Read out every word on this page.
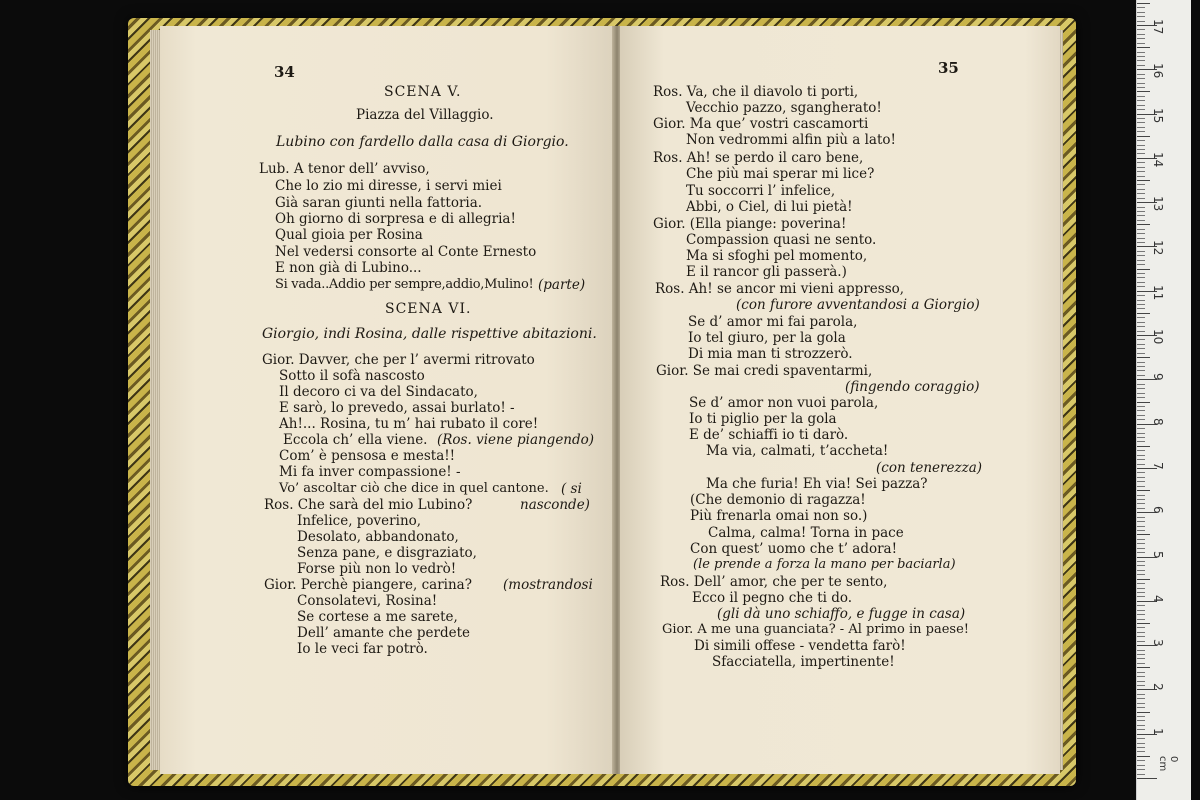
34
SCENA V.
Piazza del Villaggio.
Lubino con fardello dalla casa di Giorgio.
Lub. A tenor dell’ avviso,
Che lo zio mi diresse, i servi miei
Già saran giunti nella fattoria.
Oh giorno di sorpresa e di allegria!
Qual gioia per Rosina
Nel vedersi consorte al Conte Ernesto
E non già di Lubino...
Si vada..Addio per sempre,addio,Mulino! (parte)
SCENA VI.
Giorgio, indi Rosina, dalle rispettive abitazioni.
Gior. Davver, che per l’ avermi ritrovato
Sotto il sofà nascosto
Il decoro ci va del Sindacato,
E sarò, lo prevedo, assai burlato! -
Ah!... Rosina, tu m’ hai rubato il core!
Eccola ch’ ella viene. (Ros. viene piangendo)
Com’ è pensosa e mesta!!
Mi fa inver compassione! -
Vo’ ascoltar ciò che dice in quel cantone. ( si
Ros. Che sarà del mio Lubino?	nasconde)
Infelice, poverino,
Desolato, abbandonato,
Senza pane, e disgraziato,
Forse più non lo vedrò!
Gior. Perchè piangere, carina? (mostrandosi
Consolatevi, Rosina!
Se cortese a me sarete,
Dell’ amante che perdete
Io le veci far potrò.
35
Ros. Va, che il diavolo ti porti,
Vecchio pazzo, sgangherato!
Gior. Ma que’ vostri cascamorti
Non vedrommi alfin più a lato!
Ros. Ah! se perdo il caro bene,
Che più mai sperar mi lice?
Tu soccorri l’ infelice,
Abbi, o Ciel, di lui pietà!
Gior. (Ella piange: poverina!
Compassion quasi ne sento.
Ma si sfoghi pel momento,
E il rancor gli passerà.)
Ros. Ah! se ancor mi vieni appresso,
(con furore avventandosi a Giorgio)
Se d’ amor mi fai parola,
Io tel giuro, per la gola
Di mia man ti strozzerò.
Gior. Se mai credi spaventarmi,
(fingendo coraggio)
Se d’ amor non vuoi parola,
Io ti piglio per la gola
E de’ schiaffi io ti darò.
Ma via, calmati, t’accheta!
(con tenerezza)
Ma che furia! Eh via! Sei pazza?
(Che demonio di ragazza!
Più frenarla omai non so.)
Calma, calma! Torna in pace
Con quest’ uomo che t’ adora!
(le prende a forza la mano per baciarla)
Ros. Dell’ amor, che per te sento,
Ecco il pegno che ti do.
(gli dà uno schiaffo, e fugge in casa)
Gior. A me una guanciata? - Al primo in paese!
Di simili offese - vendetta farò!
Sfacciatella, impertinente!
17
16
15
14
13
12
11
10
9
8
7
6
5
4
3
2
1
0 cm
